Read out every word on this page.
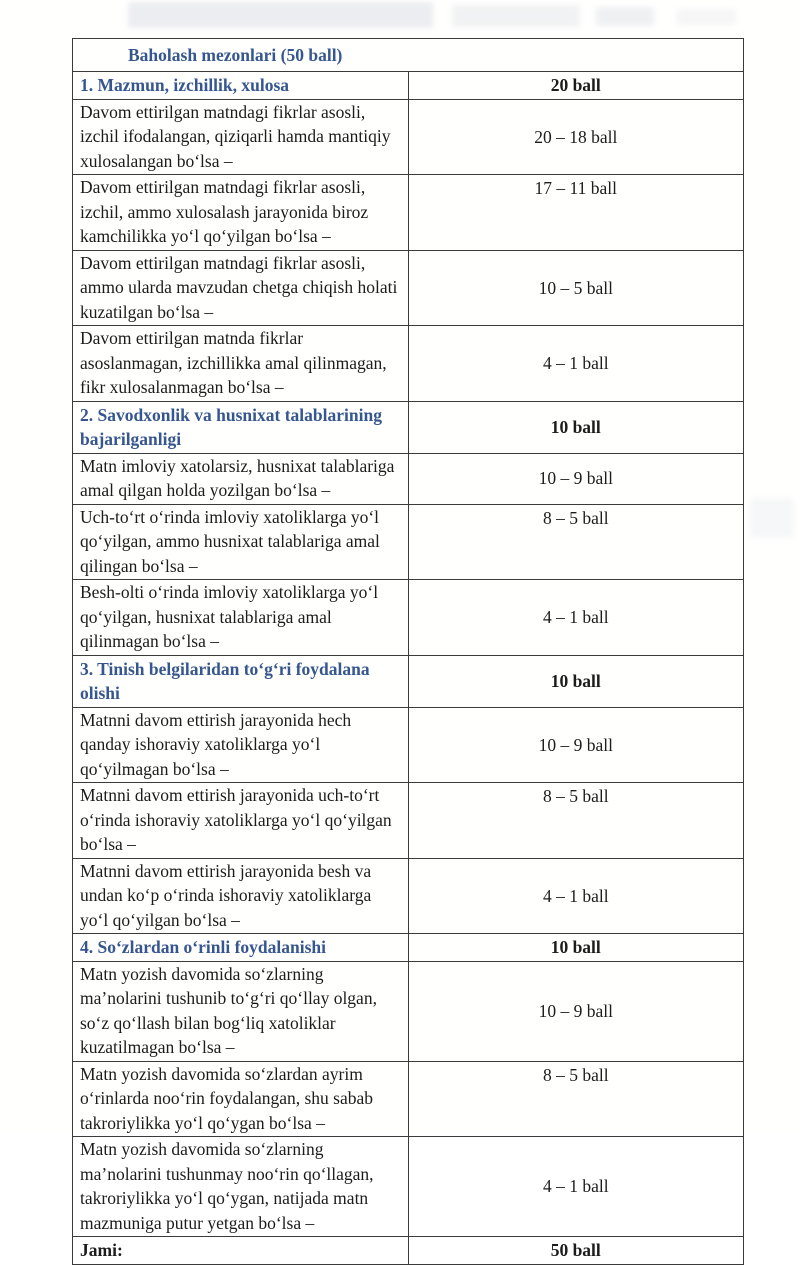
Baholash mezonlari (50 ball)	
1. Mazmun, izchillik, xulosa	20 ball
Davom ettirilgan matndagi fikrlar asosli, izchil ifodalangan, qiziqarli hamda mantiqiy xulosalangan bo‘lsa –	20 – 18 ball
Davom ettirilgan matndagi fikrlar asosli, izchil, ammo xulosalash jarayonida biroz kamchilikka yo‘l qo‘yilgan bo‘lsa –	17 – 11 ball
Davom ettirilgan matndagi fikrlar asosli, ammo ularda mavzudan chetga chiqish holati kuzatilgan bo‘lsa –	10 – 5 ball
Davom ettirilgan matnda fikrlar asoslanmagan, izchillikka amal qilinmagan, fikr xulosalanmagan bo‘lsa –	4 – 1 ball
2. Savodxonlik va husnixat talablarining bajarilganligi	10 ball
Matn imloviy xatolarsiz, husnixat talablariga amal qilgan holda yozilgan bo‘lsa –	10 – 9 ball
Uch-to‘rt o‘rinda imloviy xatoliklarga yo‘l qo‘yilgan, ammo husnixat talablariga amal qilingan bo‘lsa –	8 – 5 ball
Besh-olti o‘rinda imloviy xatoliklarga yo‘l qo‘yilgan, husnixat talablariga amal qilinmagan bo‘lsa –	4 – 1 ball
3. Tinish belgilaridan to‘g‘ri foydalana olishi	10 ball
Matnni davom ettirish jarayonida hech qanday ishoraviy xatoliklarga yo‘l qo‘yilmagan bo‘lsa –	10 – 9 ball
Matnni davom ettirish jarayonida uch-to‘rt o‘rinda ishoraviy xatoliklarga yo‘l qo‘yilgan bo‘lsa –	8 – 5 ball
Matnni davom ettirish jarayonida besh va undan ko‘p o‘rinda ishoraviy xatoliklarga yo‘l qo‘yilgan bo‘lsa –	4 – 1 ball
4. So‘zlardan o‘rinli foydalanishi	10 ball
Matn yozish davomida so‘zlarning ma’nolarini tushunib to‘g‘ri qo‘llay olgan, so‘z qo‘llash bilan bog‘liq xatoliklar kuzatilmagan bo‘lsa –	10 – 9 ball
Matn yozish davomida so‘zlardan ayrim o‘rinlarda noo‘rin foydalangan, shu sabab takroriylikka yo‘l qo‘ygan bo‘lsa –	8 – 5 ball
Matn yozish davomida so‘zlarning ma’nolarini tushunmay noo‘rin qo‘llagan, takroriylikka yo‘l qo‘ygan, natijada matn mazmuniga putur yetgan bo‘lsa –	4 – 1 ball
Jami:	50 ball
